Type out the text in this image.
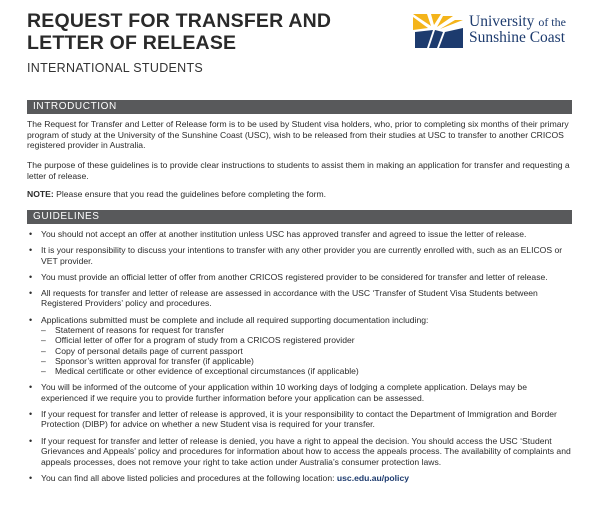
REQUEST FOR TRANSFER AND
LETTER OF RELEASE
INTERNATIONAL STUDENTS
University of the
Sunshine Coast
INTRODUCTION

The Request for Transfer and Letter of Release form is to be used by Student visa holders, who, prior to completing six months of their primary program of study at the University of the Sunshine Coast (USC), wish to be released from their studies at USC to transfer to another CRICOS registered provider in Australia.

The purpose of these guidelines is to provide clear instructions to students to assist them in making an application for transfer and requesting a letter of release.

NOTE: Please ensure that you read the guidelines before completing the form.

GUIDELINES
• You should not accept an offer at another institution unless USC has approved transfer and agreed to issue the letter of release.
• It is your responsibility to discuss your intentions to transfer with any other provider you are currently enrolled with, such as an ELICOS or VET provider.
• You must provide an official letter of offer from another CRICOS registered provider to be considered for transfer and letter of release.
• All requests for transfer and letter of release are assessed in accordance with the USC ‘Transfer of Student Visa Students between Registered Providers’ policy and procedures.
• Applications submitted must be complete and include all required supporting documentation including:
– Statement of reasons for request for transfer
– Official letter of offer for a program of study from a CRICOS registered provider
– Copy of personal details page of current passport
– Sponsor’s written approval for transfer (if applicable)
– Medical certificate or other evidence of exceptional circumstances (if applicable)
• You will be informed of the outcome of your application within 10 working days of lodging a complete application. Delays may be experienced if we require you to provide further information before your application can be assessed.
• If your request for transfer and letter of release is approved, it is your responsibility to contact the Department of Immigration and Border Protection (DIBP) for advice on whether a new Student visa is required for your transfer.
• If your request for transfer and letter of release is denied, you have a right to appeal the decision. You should access the USC ‘Student Grievances and Appeals’ policy and procedures for information about how to access the appeals process. The availability of complaints and appeals processes, does not remove your right to take action under Australia’s consumer protection laws.
• You can find all above listed policies and procedures at the following location: usc.edu.au/policy
